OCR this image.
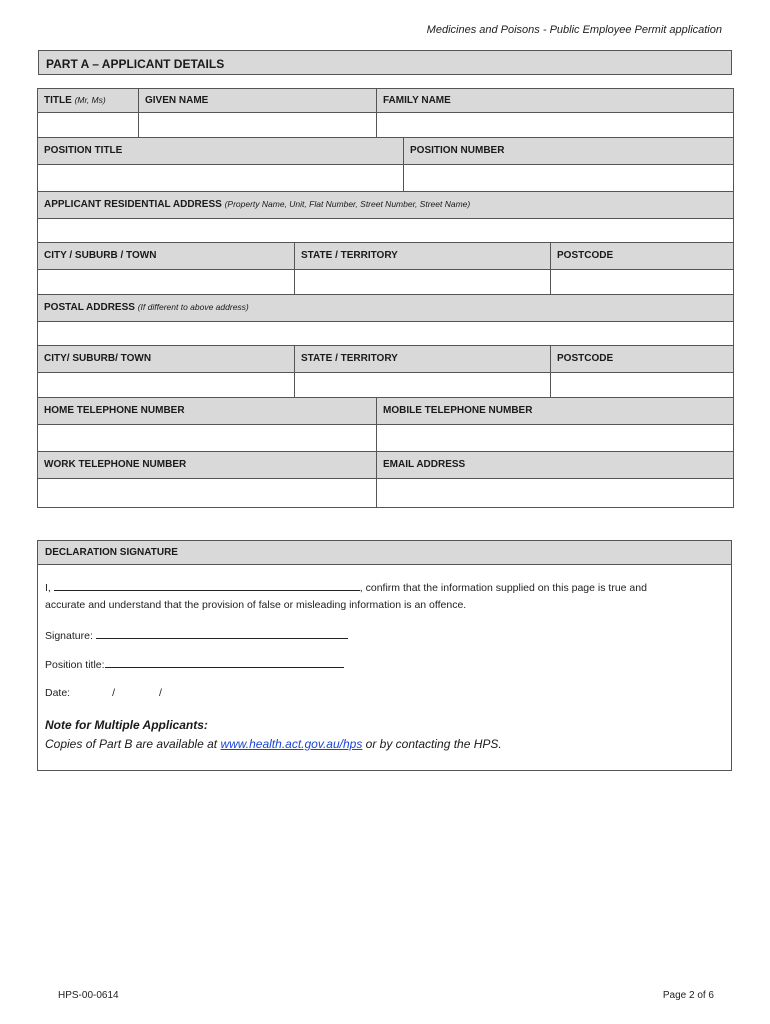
Medicines and Poisons - Public Employee Permit application
PART A – APPLICANT DETAILS
TITLE (Mr, Ms)	GIVEN NAME	FAMILY NAME
POSITION TITLE	POSITION NUMBER
APPLICANT RESIDENTIAL ADDRESS (Property Name, Unit, Flat Number, Street Number, Street Name)
CITY / SUBURB / TOWN	STATE / TERRITORY	POSTCODE
POSTAL ADDRESS (If different to above address)
CITY/ SUBURB/ TOWN	STATE / TERRITORY	POSTCODE
HOME TELEPHONE NUMBER	MOBILE TELEPHONE NUMBER
WORK TELEPHONE NUMBER	EMAIL ADDRESS
DECLARATION SIGNATURE
I,	, confirm that the information supplied on this page is true and
accurate and understand that the provision of false or misleading information is an offence.
Signature:
Position title:
Date:	/	/
Note for Multiple Applicants:
Copies of Part B are available at www.health.act.gov.au/hps or by contacting the HPS.
HPS-00-0614	Page 2 of 6
